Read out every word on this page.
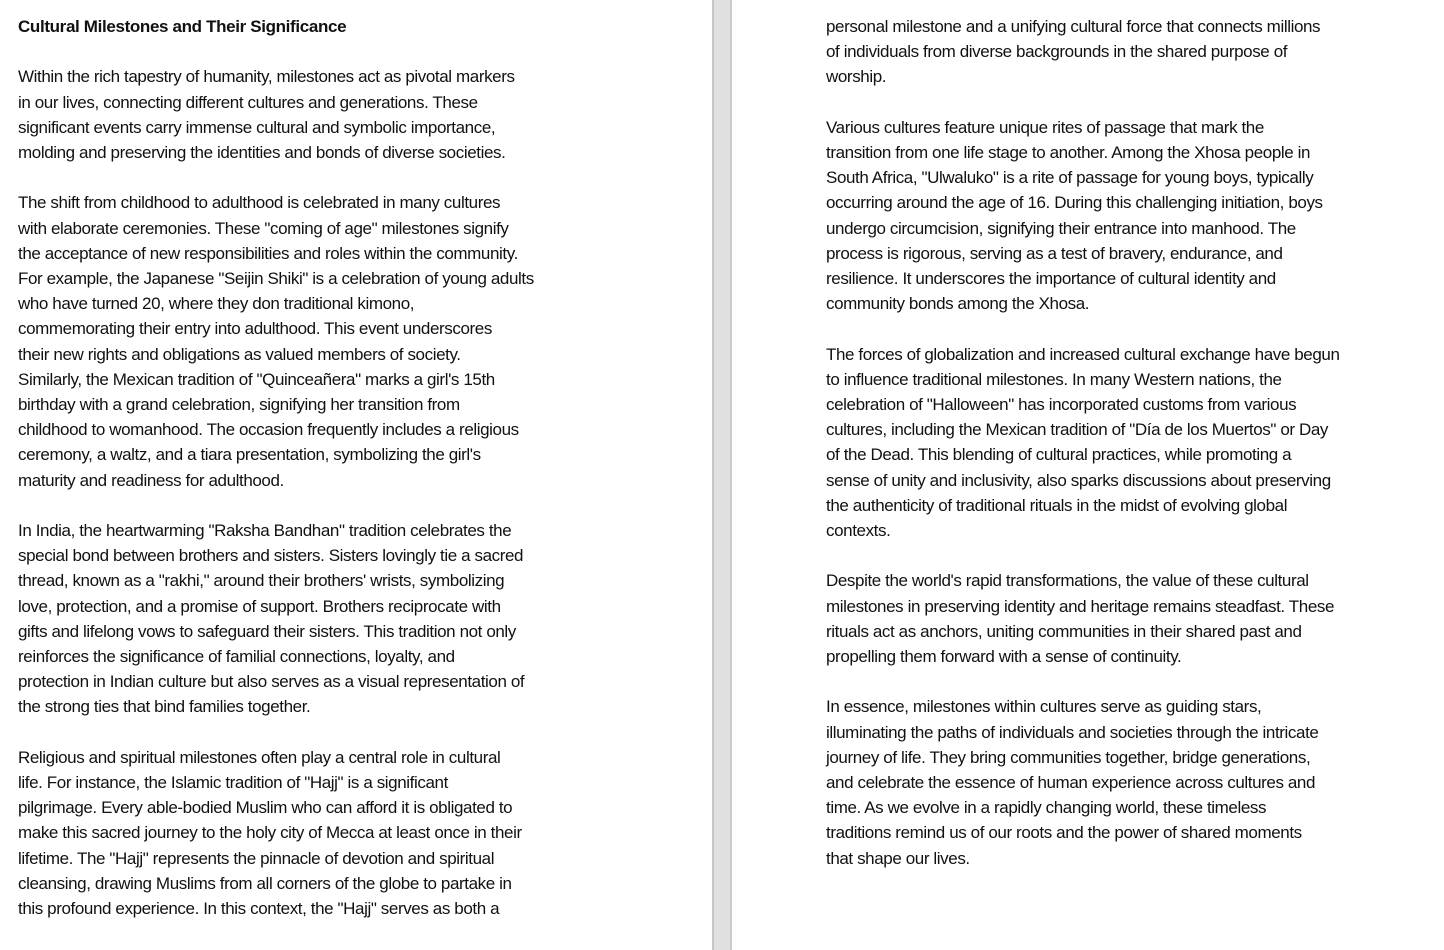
Cultural Milestones and Their Significance

Within the rich tapestry of humanity, milestones act as pivotal markers
in our lives, connecting different cultures and generations. These
significant events carry immense cultural and symbolic importance,
molding and preserving the identities and bonds of diverse societies.

The shift from childhood to adulthood is celebrated in many cultures
with elaborate ceremonies. These "coming of age" milestones signify
the acceptance of new responsibilities and roles within the community.
For example, the Japanese "Seijin Shiki" is a celebration of young adults
who have turned 20, where they don traditional kimono,
commemorating their entry into adulthood. This event underscores
their new rights and obligations as valued members of society.
Similarly, the Mexican tradition of "Quinceañera" marks a girl's 15th
birthday with a grand celebration, signifying her transition from
childhood to womanhood. The occasion frequently includes a religious
ceremony, a waltz, and a tiara presentation, symbolizing the girl's
maturity and readiness for adulthood.

In India, the heartwarming "Raksha Bandhan" tradition celebrates the
special bond between brothers and sisters. Sisters lovingly tie a sacred
thread, known as a "rakhi," around their brothers' wrists, symbolizing
love, protection, and a promise of support. Brothers reciprocate with
gifts and lifelong vows to safeguard their sisters. This tradition not only
reinforces the significance of familial connections, loyalty, and
protection in Indian culture but also serves as a visual representation of
the strong ties that bind families together.

Religious and spiritual milestones often play a central role in cultural
life. For instance, the Islamic tradition of "Hajj" is a significant
pilgrimage. Every able-bodied Muslim who can afford it is obligated to
make this sacred journey to the holy city of Mecca at least once in their
lifetime. The "Hajj" represents the pinnacle of devotion and spiritual
cleansing, drawing Muslims from all corners of the globe to partake in
this profound experience. In this context, the "Hajj" serves as both a

personal milestone and a unifying cultural force that connects millions
of individuals from diverse backgrounds in the shared purpose of
worship.

Various cultures feature unique rites of passage that mark the
transition from one life stage to another. Among the Xhosa people in
South Africa, "Ulwaluko" is a rite of passage for young boys, typically
occurring around the age of 16. During this challenging initiation, boys
undergo circumcision, signifying their entrance into manhood. The
process is rigorous, serving as a test of bravery, endurance, and
resilience. It underscores the importance of cultural identity and
community bonds among the Xhosa.

The forces of globalization and increased cultural exchange have begun
to influence traditional milestones. In many Western nations, the
celebration of "Halloween" has incorporated customs from various
cultures, including the Mexican tradition of "Día de los Muertos" or Day
of the Dead. This blending of cultural practices, while promoting a
sense of unity and inclusivity, also sparks discussions about preserving
the authenticity of traditional rituals in the midst of evolving global
contexts.

Despite the world's rapid transformations, the value of these cultural
milestones in preserving identity and heritage remains steadfast. These
rituals act as anchors, uniting communities in their shared past and
propelling them forward with a sense of continuity.

In essence, milestones within cultures serve as guiding stars,
illuminating the paths of individuals and societies through the intricate
journey of life. They bring communities together, bridge generations,
and celebrate the essence of human experience across cultures and
time. As we evolve in a rapidly changing world, these timeless
traditions remind us of our roots and the power of shared moments
that shape our lives.
